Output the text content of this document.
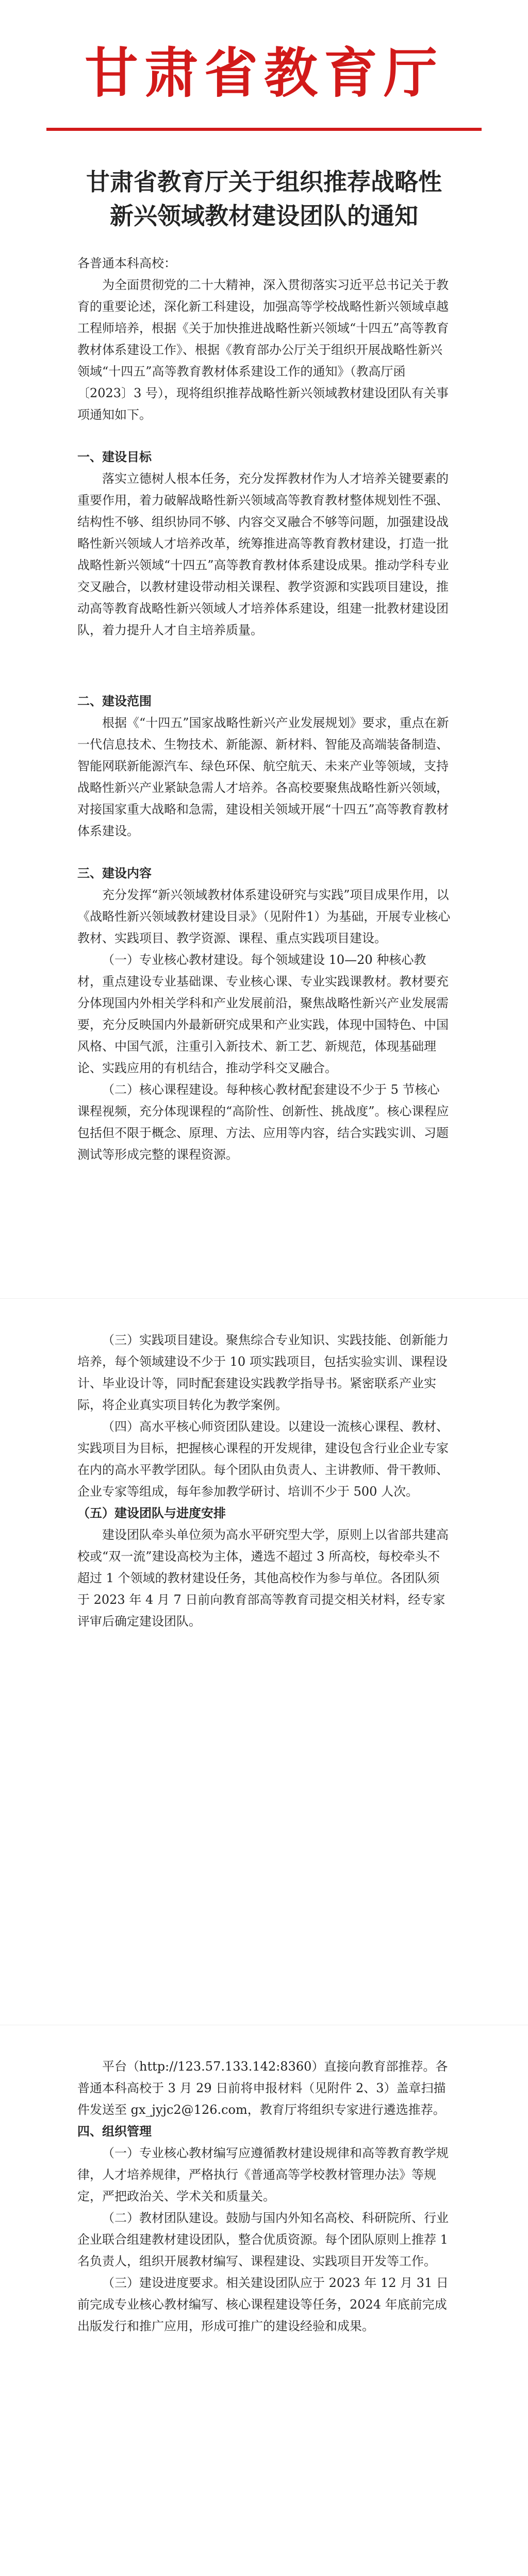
甘肃省教育厅
甘肃省教育厅关于组织推荐战略性
新兴领域教材建设团队的通知

各普通本科高校：

为全面贯彻党的二十大精神，深入贯彻落实习近平总书记关于教育的重要论述，深化新工科建设，加强高等学校战略性新兴领域卓越工程师培养，根据《关于加快推进战略性新兴领域“十四五”高等教育教材体系建设工作》、根据《教育部办公厅关于组织开展战略性新兴领域“十四五”高等教育教材体系建设工作的通知》（教高厅函〔2023〕3 号），现将组织推荐战略性新兴领域教材建设团队有关事项通知如下。

一、建设目标

落实立德树人根本任务，充分发挥教材作为人才培养关键要素的重要作用，着力破解战略性新兴领域高等教育教材整体规划性不强、结构性不够、组织协同不够、内容交叉融合不够等问题，加强建设战略性新兴领域人才培养改革，统筹推进高等教育教材建设，打造一批战略性新兴领域“十四五”高等教育教材体系建设成果。推动学科专业交叉融合，以教材建设带动相关课程、教学资源和实践项目建设，推动高等教育战略性新兴领域人才培养体系建设，组建一批教材建设团队，着力提升人才自主培养质量。

二、建设范围

根据《“十四五”国家战略性新兴产业发展规划》要求，重点在新一代信息技术、生物技术、新能源、新材料、智能及高端装备制造、智能网联新能源汽车、绿色环保、航空航天、未来产业等领域，支持战略性新兴产业紧缺急需人才培养。各高校要聚焦战略性新兴领域，对接国家重大战略和急需，建设相关领域开展“十四五”高等教育教材体系建设。

三、建设内容

充分发挥“新兴领域教材体系建设研究与实践”项目成果作用，以《战略性新兴领域教材建设目录》（见附件1）为基础，开展专业核心教材、实践项目、教学资源、课程、重点实践项目建设。

（一）专业核心教材建设。每个领域建设 10—20 种核心教材，重点建设专业基础课、专业核心课、专业实践课教材。教材要充分体现国内外相关学科和产业发展前沿，聚焦战略性新兴产业发展需要，充分反映国内外最新研究成果和产业实践，体现中国特色、中国风格、中国气派，注重引入新技术、新工艺、新规范，体现基础理论、实践应用的有机结合，推动学科交叉融合。

（二）核心课程建设。每种核心教材配套建设不少于 5 节核心课程视频，充分体现课程的“高阶性、创新性、挑战度”。核心课程应包括但不限于概念、原理、方法、应用等内容，结合实践实训、习题测试等形成完整的课程资源。

（三）实践项目建设。聚焦综合专业知识、实践技能、创新能力培养，每个领域建设不少于 10 项实践项目，包括实验实训、课程设计、毕业设计等，同时配套建设实践教学指导书。紧密联系产业实际，将企业真实项目转化为教学案例。

（四）高水平核心师资团队建设。以建设一流核心课程、教材、实践项目为目标，把握核心课程的开发规律，建设包含行业企业专家在内的高水平教学团队。每个团队由负责人、主讲教师、骨干教师、企业专家等组成，每年参加教学研讨、培训不少于 500 人次。

（五）建设团队与进度安排

建设团队牵头单位须为高水平研究型大学，原则上以省部共建高校或“双一流”建设高校为主体，遴选不超过 3 所高校，每校牵头不超过 1 个领域的教材建设任务，其他高校作为参与单位。各团队须于 2023 年 4 月 7 日前向教育部高等教育司提交相关材料，经专家评审后确定建设团队。

平台（http://123.57.133.142:8360）直接向教育部推荐。各普通本科高校于 3 月 29 日前将申报材料（见附件 2、3）盖章扫描件发送至 gx_jyjc2@126.com，教育厅将组织专家进行遴选推荐。

四、组织管理

（一）专业核心教材编写应遵循教材建设规律和高等教育教学规律，人才培养规律，严格执行《普通高等学校教材管理办法》等规定，严把政治关、学术关和质量关。

（二）教材团队建设。鼓励与国内外知名高校、科研院所、行业企业联合组建教材建设团队，整合优质资源。每个团队原则上推荐 1 名负责人，组织开展教材编写、课程建设、实践项目开发等工作。

（三）建设进度要求。相关建设团队应于 2023 年 12 月 31 日前完成专业核心教材编写、核心课程建设等任务，2024 年底前完成出版发行和推广应用，形成可推广的建设经验和成果。
